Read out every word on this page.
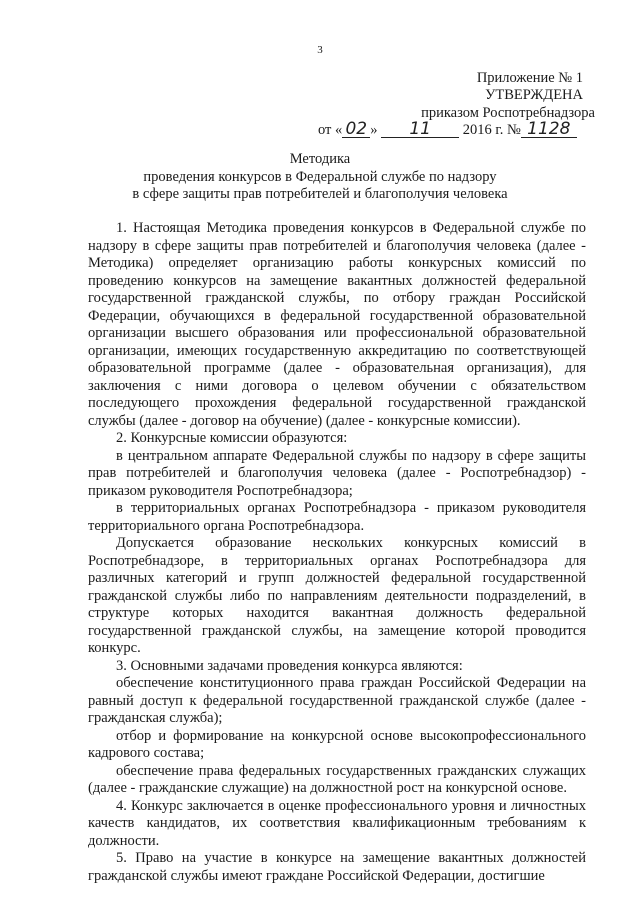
3
Приложение № 1
УТВЕРЖДЕНА
приказом Роспотребнадзора
от « 02 » 11 2016 г. № 1128
Методика
проведения конкурсов в Федеральной службе по надзору
в сфере защиты прав потребителей и благополучия человека

1. Настоящая Методика проведения конкурсов в Федеральной службе по надзору в сфере защиты прав потребителей и благополучия человека (далее - Методика) определяет организацию работы конкурсных комиссий по проведению конкурсов на замещение вакантных должностей федеральной государственной гражданской службы, по отбору граждан Российской Федерации, обучающихся в федеральной государственной образовательной организации высшего образования или профессиональной образовательной организации, имеющих государственную аккредитацию по соответствующей образовательной программе (далее - образовательная организация), для заключения с ними договора о целевом обучении с обязательством последующего прохождения федеральной государственной гражданской службы (далее - договор на обучение) (далее - конкурсные комиссии).

2. Конкурсные комиссии образуются:

в центральном аппарате Федеральной службы по надзору в сфере защиты прав потребителей и благополучия человека (далее - Роспотребнадзор) - приказом руководителя Роспотребнадзора;

в территориальных органах Роспотребнадзора - приказом руководителя территориального органа Роспотребнадзора.

Допускается образование нескольких конкурсных комиссий в Роспотребнадзоре, в территориальных органах Роспотребнадзора для различных категорий и групп должностей федеральной государственной гражданской службы либо по направлениям деятельности подразделений, в структуре которых находится вакантная должность федеральной государственной гражданской службы, на замещение которой проводится конкурс.

3. Основными задачами проведения конкурса являются:

обеспечение конституционного права граждан Российской Федерации на равный доступ к федеральной государственной гражданской службе (далее - гражданская служба);

отбор и формирование на конкурсной основе высокопрофессионального кадрового состава;

обеспечение права федеральных государственных гражданских служащих (далее - гражданские служащие) на должностной рост на конкурсной основе.

4. Конкурс заключается в оценке профессионального уровня и личностных качеств кандидатов, их соответствия квалификационным требованиям к должности.

5. Право на участие в конкурсе на замещение вакантных должностей гражданской службы имеют граждане Российской Федерации, достигшие
